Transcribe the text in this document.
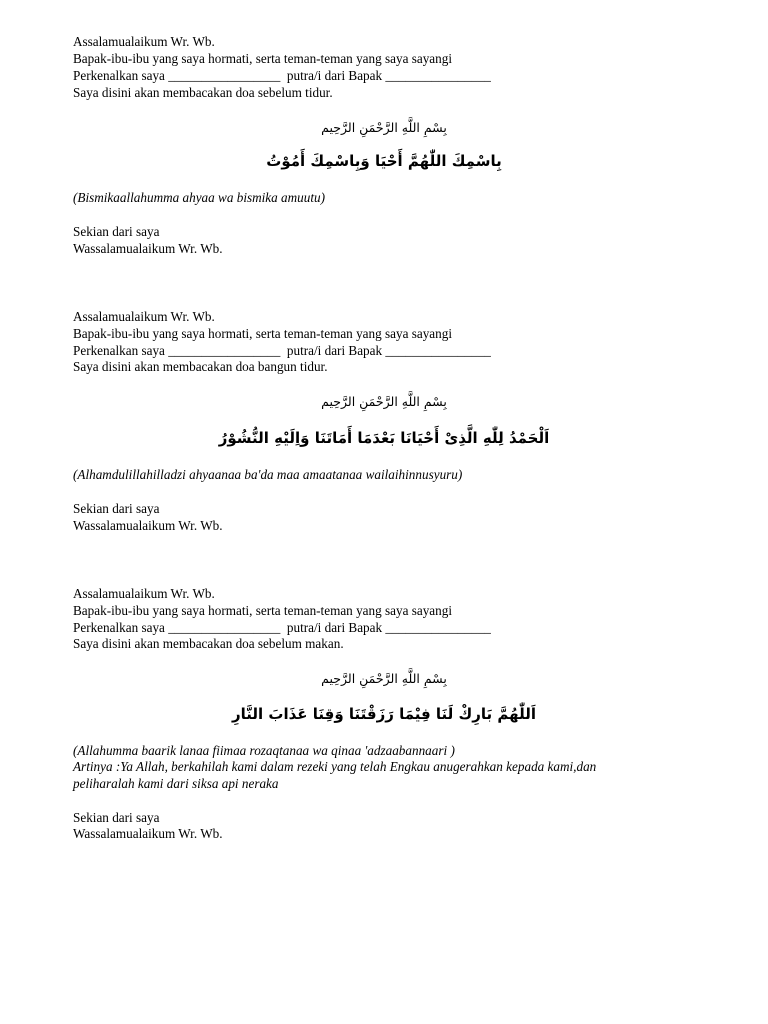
Assalamualaikum Wr. Wb.
Bapak-ibu-ibu yang saya hormati, serta teman-teman yang saya sayangi
Perkenalkan saya _________________  putra/i dari Bapak ________________
Saya disini akan membacakan doa sebelum tidur.
بِسْمِ اللَّهِ الرَّحْمَنِ الرَّحِيم
بِاسْمِكَ اللّٰهُمَّ أَحْيَا وَبِاسْمِكَ أَمُوْتُ
(Bismikaallahumma ahyaa wa bismika amuutu)
Sekian dari saya
Wassalamualaikum Wr. Wb.
Assalamualaikum Wr. Wb.
Bapak-ibu-ibu yang saya hormati, serta teman-teman yang saya sayangi
Perkenalkan saya _________________  putra/i dari Bapak ________________
Saya disini akan membacakan doa bangun tidur.
بِسْمِ اللَّهِ الرَّحْمَنِ الرَّحِيم
اَلْحَمْدُ لِلّٰهِ الَّذِىْ أَحْيَانَا بَعْدَمَا أَمَاتَنَا وَاِلَيْهِ النُّشُوْرُ
(Alhamdulillahilladzi ahyaanaa ba'da maa amaatanaa wailaihinnusyuru)
Sekian dari saya
Wassalamualaikum Wr. Wb.
Assalamualaikum Wr. Wb.
Bapak-ibu-ibu yang saya hormati, serta teman-teman yang saya sayangi
Perkenalkan saya _________________  putra/i dari Bapak ________________
Saya disini akan membacakan doa sebelum makan.
بِسْمِ اللَّهِ الرَّحْمَنِ الرَّحِيم
اَللّٰهُمَّ بَارِكْ لَنَا فِيْمَا رَزَقْتَنَا وَقِنَا عَذَابَ النَّارِ
(Allahumma baarik lanaa fiimaa rozaqtanaa wa qinaa 'adzaabannaari )
Artinya :Ya Allah, berkahilah kami dalam rezeki yang telah Engkau anugerahkan kepada kami,dan
peliharalah kami dari siksa api neraka
Sekian dari saya
Wassalamualaikum Wr. Wb.
